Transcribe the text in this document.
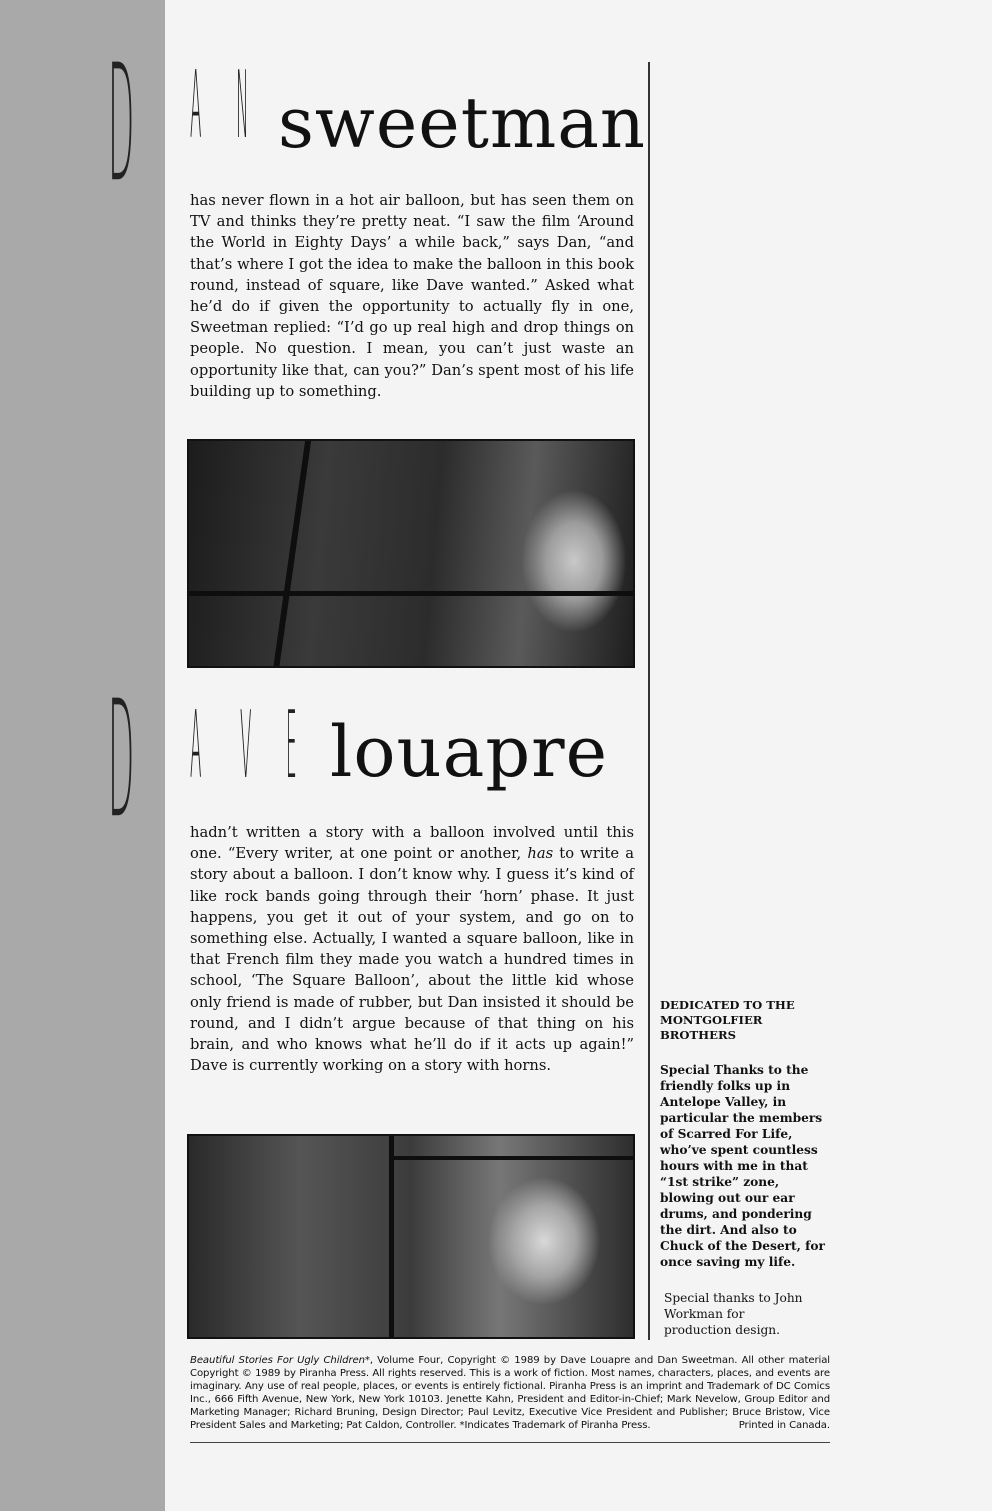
D A N sweetman

has never flown in a hot air balloon, but has seen them on TV and thinks they’re pretty neat. “I saw the film ‘Around the World in Eighty Days’ a while back,” says Dan, “and that’s where I got the idea to make the balloon in this book round, instead of square, like Dave wanted.” Asked what he’d do if given the opportunity to actually fly in one, Sweetman replied: “I’d go up real high and drop things on people. No question. I mean, you can’t just waste an opportunity like that, can you?” Dan’s spent most of his life building up to something.

D A V E louapre

hadn’t written a story with a balloon involved until this one. “Every writer, at one point or another, has to write a story about a balloon. I don’t know why. I guess it’s kind of like rock bands going through their ‘horn’ phase. It just happens, you get it out of your system, and go on to something else. Actually, I wanted a square balloon, like in that French film they made you watch a hundred times in school, ‘The Square Balloon’, about the little kid whose only friend is made of rubber, but Dan insisted it should be round, and I didn’t argue because of that thing on his brain, and who knows what he’ll do if it acts up again!” Dave is currently working on a story with horns.

DEDICATED TO THE MONTGOLFIER BROTHERS
Special Thanks to the friendly folks up in Antelope Valley, in particular the members of Scarred For Life, who’ve spent countless hours with me in that “1st strike” zone, blowing out our ear drums, and pondering the dirt. And also to Chuck of the Desert, for once saving my life.
Special thanks to John Workman for production design.
Beautiful Stories For Ugly Children*, Volume Four, Copyright © 1989 by Dave Louapre and Dan Sweetman. All other material Copyright © 1989 by Piranha Press. All rights reserved. This is a work of fiction. Most names, characters, places, and events are imaginary. Any use of real people, places, or events is entirely fictional. Piranha Press is an imprint and Trademark of DC Comics Inc., 666 Fifth Avenue, New York, New York 10103. Jenette Kahn, President and Editor-in-Chief; Mark Nevelow, Group Editor and Marketing Manager; Richard Bruning, Design Director; Paul Levitz, Executive Vice President and Publisher; Bruce Bristow, Vice President Sales and Marketing; Pat Caldon, Controller. *Indicates Trademark of Piranha Press.	Printed in Canada.
